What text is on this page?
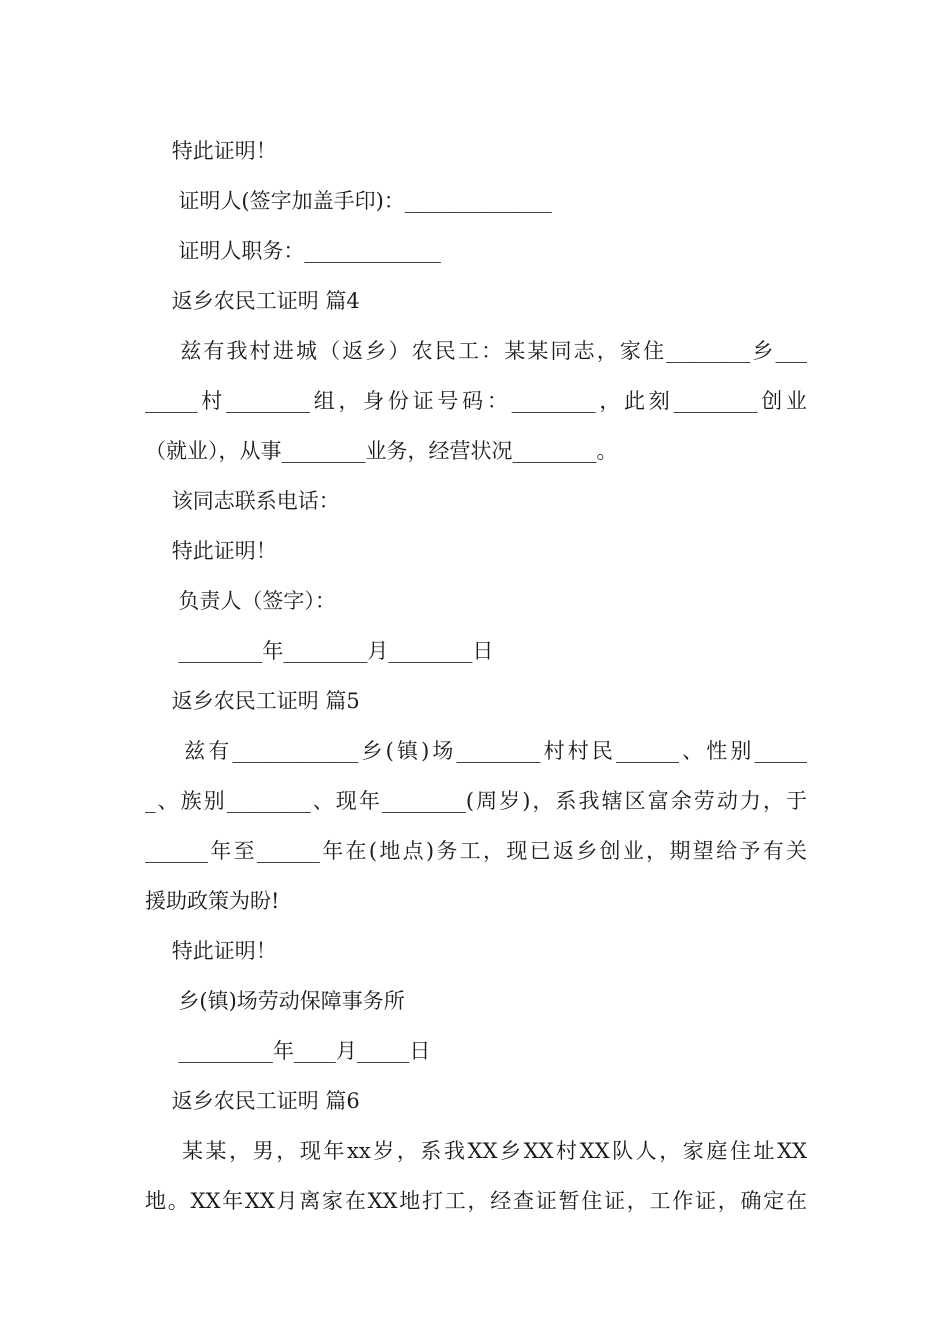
特此证明！
证明人(签字加盖手印)：______________
证明人职务：_____________
返乡农民工证明 篇4
兹有我村进城（返乡）农民工：某某同志，家住________乡___
_____村________组，身份证号码：________，此刻________创业
（就业），从事________业务，经营状况________。
该同志联系电话：
特此证明！
负责人（签字）：
________年________月________日
返乡农民工证明 篇5
兹有____________乡(镇)场________村村民______、性别_____
_、族别________、现年________(周岁)，系我辖区富余劳动力，于
______年至______年在(地点)务工，现已返乡创业，期望给予有关
援助政策为盼!
特此证明！
乡(镇)场劳动保障事务所
_________年____月_____日
返乡农民工证明 篇6
某某，男，现年xx岁，系我XX乡XX村XX队人，家庭住址XX
地。XX年XX月离家在XX地打工，经查证暂住证，工作证，确定在
